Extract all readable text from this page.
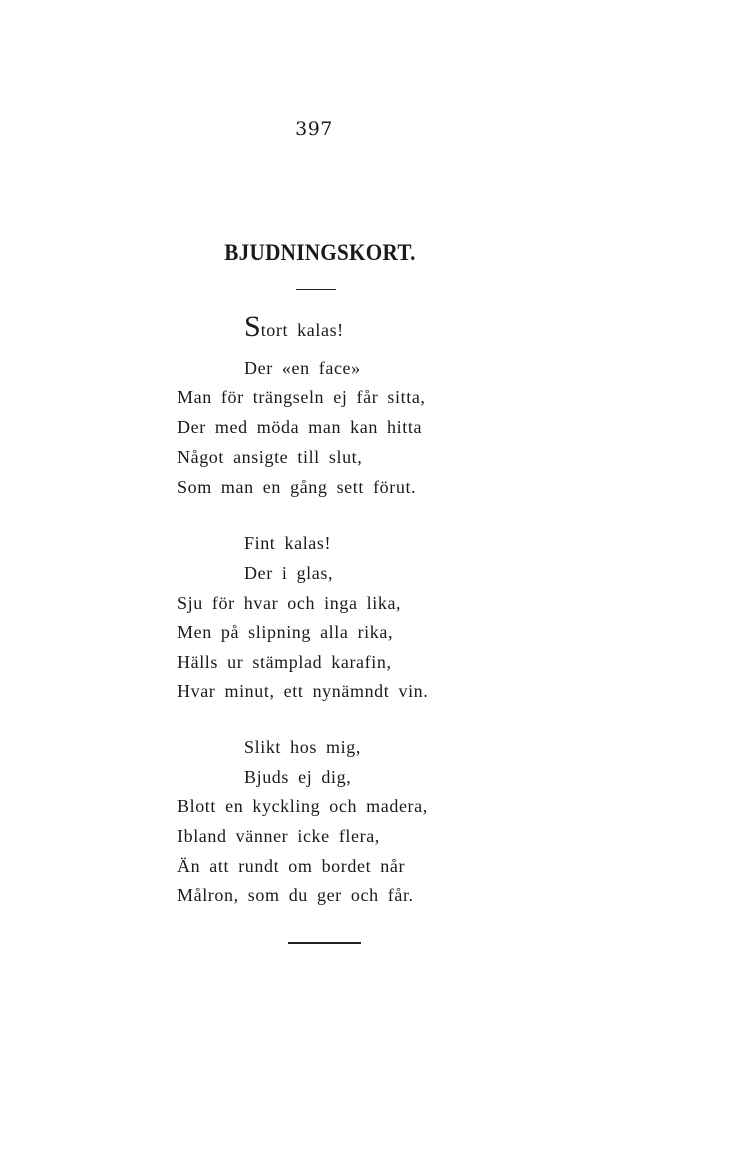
397
BJUDNINGSKORT.
Stort kalas!
Der «en face»
Man för trängseln ej får sitta,
Der med möda man kan hitta
Något ansigte till slut,
Som man en gång sett förut.
Fint kalas!
Der i glas,
Sju för hvar och inga lika,
Men på slipning alla rika,
Hälls ur stämplad karafin,
Hvar minut, ett nynämndt vin.
Slikt hos mig,
Bjuds ej dig,
Blott en kyckling och madera,
Ibland vänner icke flera,
Än att rundt om bordet når
Målron, som du ger och får.
